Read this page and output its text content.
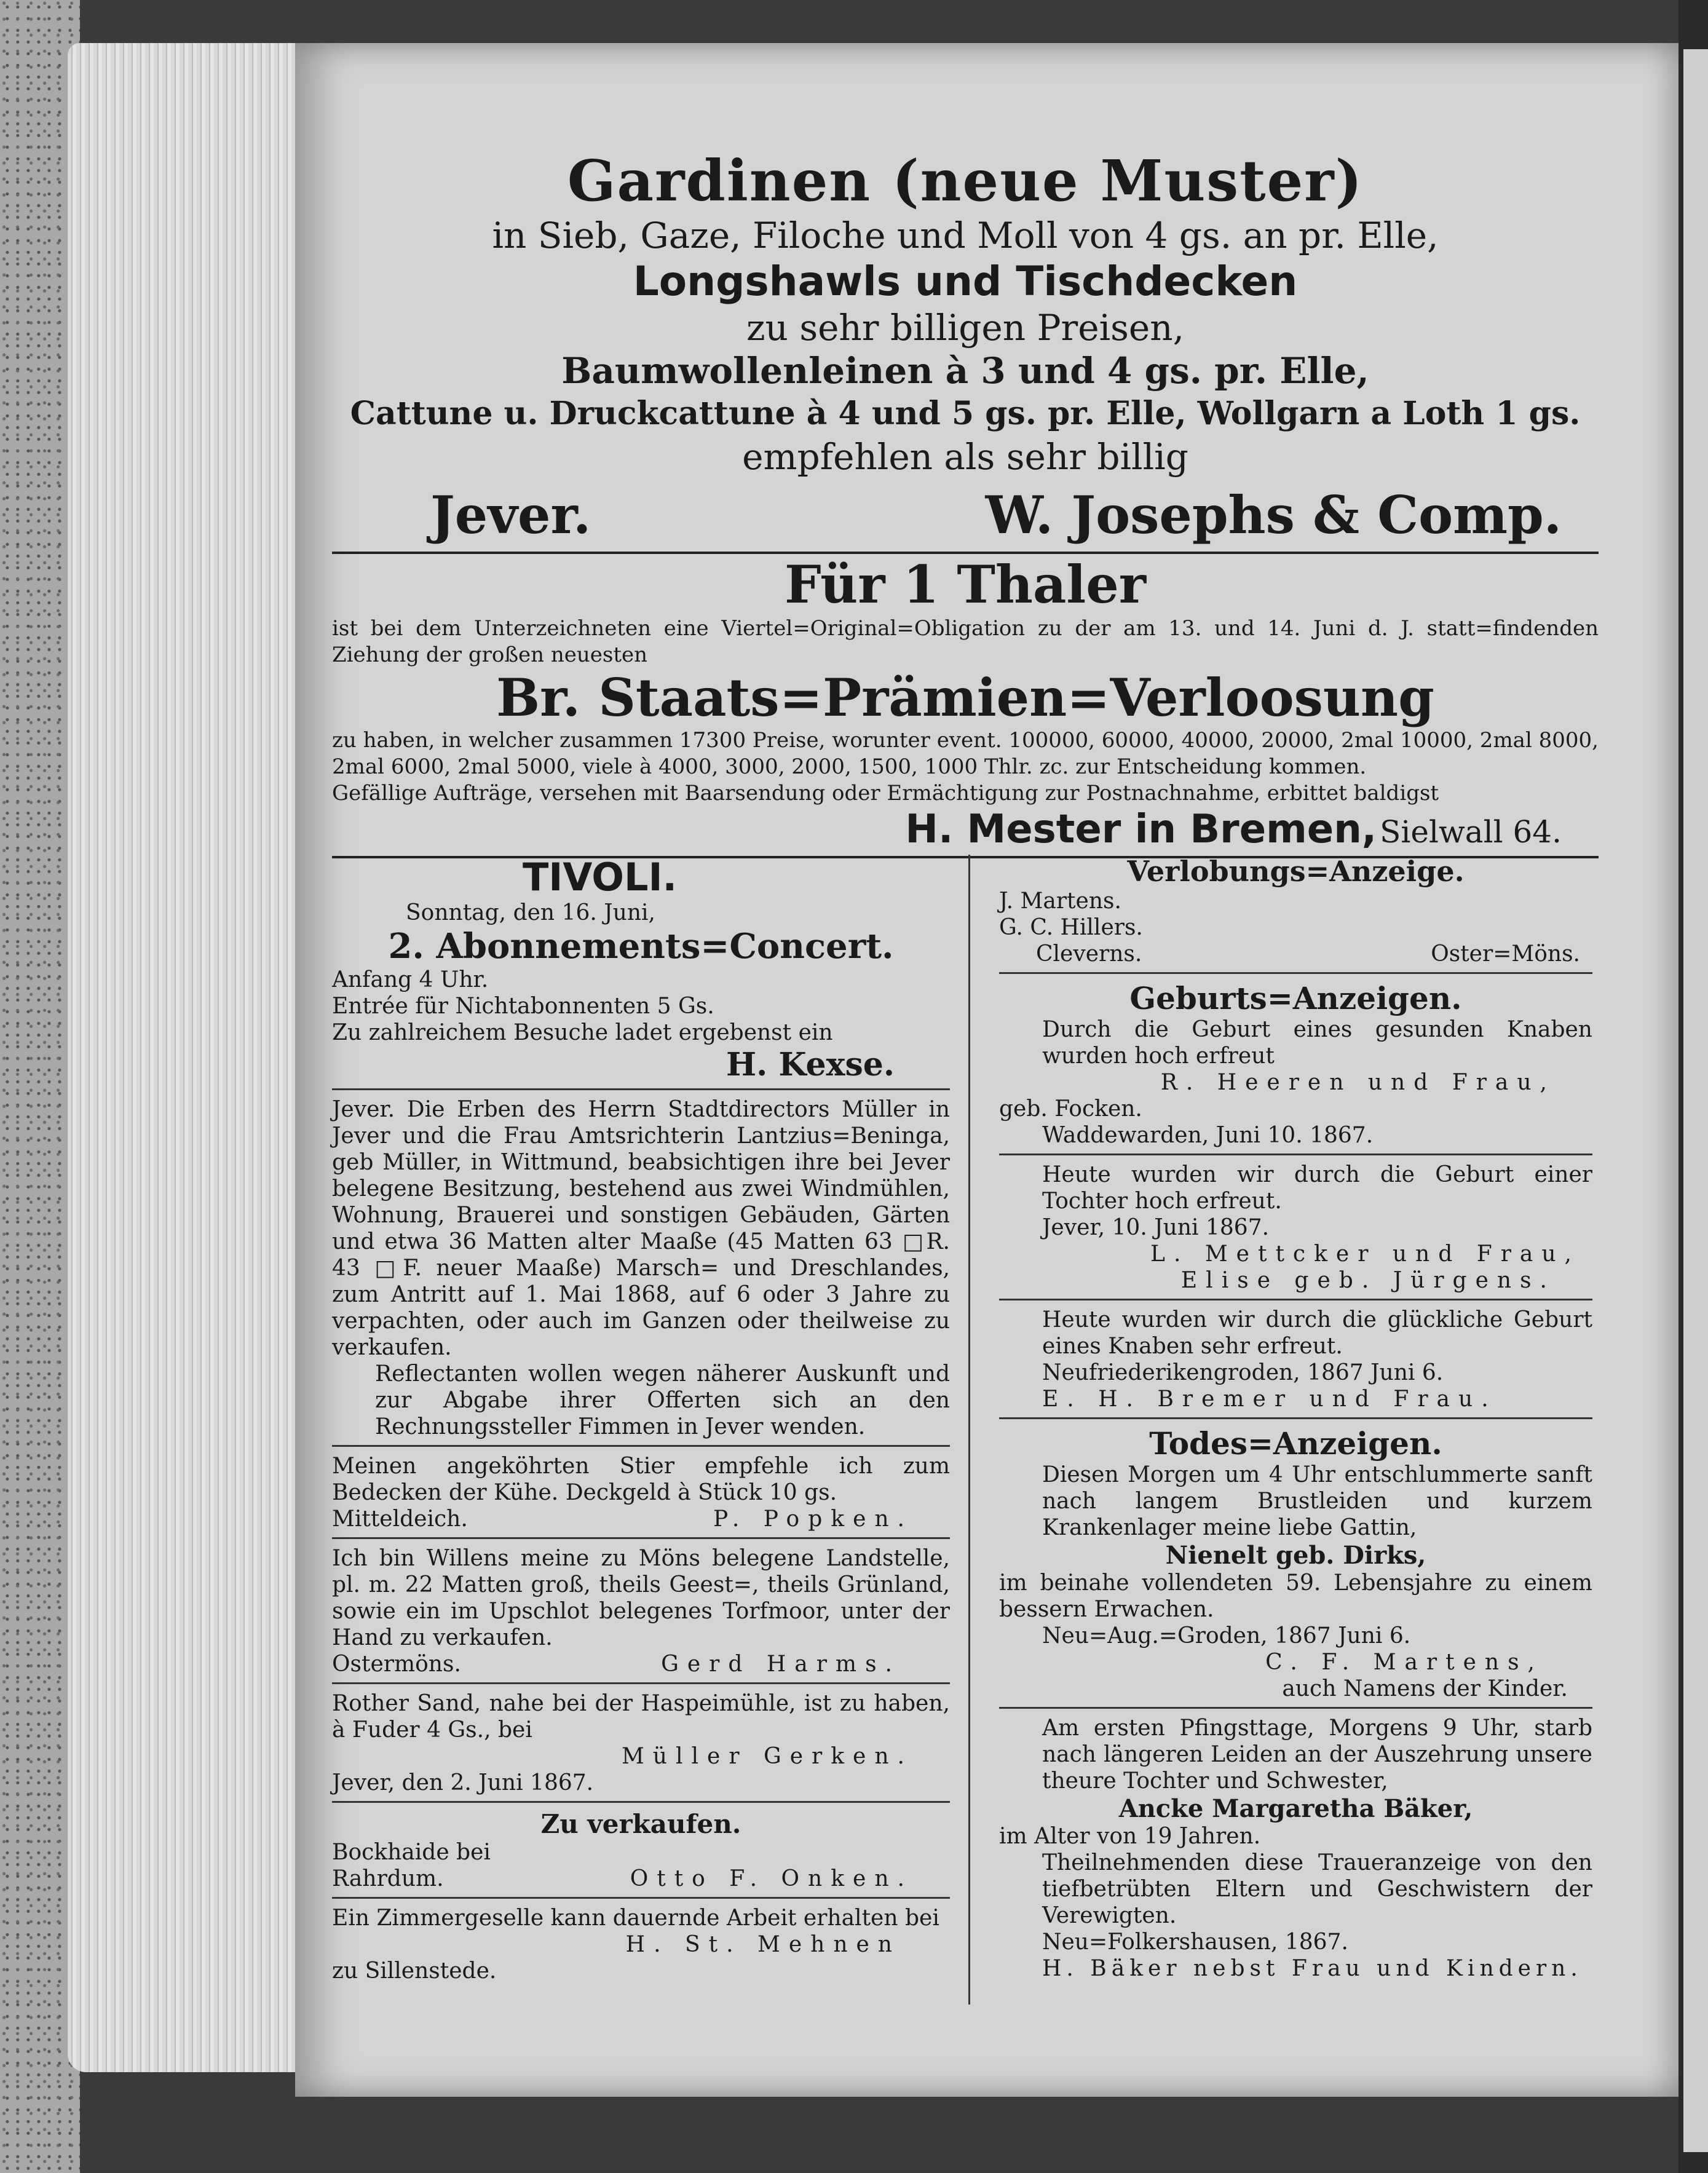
Gardinen (neue Muster)
in Sieb, Gaze, Filoche und Moll von 4 gs. an pr. Elle,
Longshawls und Tischdecken
zu sehr billigen Preisen,
Baumwollenleinen à 3 und 4 gs. pr. Elle,
Cattune u. Druckcattune à 4 und 5 gs. pr. Elle, Wollgarn a Loth 1 gs.
empfehlen als sehr billig
Jever.	W. Josephs & Comp.
Für 1 Thaler
ist bei dem Unterzeichneten eine Viertel=Original=Obligation zu der am 13. und 14. Juni d. J. statt=findenden Ziehung der großen neuesten
Br. Staats=Prämien=Verloosung
zu haben, in welcher zusammen 17300 Preise, worunter event. 100000, 60000, 40000, 20000, 2mal 10000, 2mal 8000, 2mal 6000, 2mal 5000, viele à 4000, 3000, 2000, 1500, 1000 Thlr. zc. zur Entscheidung kommen.
Gefällige Aufträge, versehen mit Baarsendung oder Ermächtigung zur Postnachnahme, erbittet baldigst
H. Mester in Bremen, Sielwall 64.
TIVOLI.
Sonntag, den 16. Juni,
2. Abonnements=Concert.
Anfang 4 Uhr.
Entrée für Nichtabonnenten 5 Gs.
Zu zahlreichem Besuche ladet ergebenst ein
H. Kexse.
Jever. Die Erben des Herrn Stadtdirectors Müller in Jever und die Frau Amtsrichterin Lantzius=Beninga, geb Müller, in Wittmund, beabsichtigen ihre bei Jever belegene Besitzung, bestehend aus zwei Windmühlen, Wohnung, Brauerei und sonstigen Gebäuden, Gärten und etwa 36 Matten alter Maaße (45 Matten 63 □R. 43 □F. neuer Maaße) Marsch= und Dreschlandes, zum Antritt auf 1. Mai 1868, auf 6 oder 3 Jahre zu verpachten, oder auch im Ganzen oder theilweise zu verkaufen.
Reflectanten wollen wegen näherer Auskunft und zur Abgabe ihrer Offerten sich an den Rechnungssteller Fimmen in Jever wenden.
Meinen angeköhrten Stier empfehle ich zum Bedecken der Kühe. Deckgeld à Stück 10 gs.
Mitteldeich.	P. Popken.
Ich bin Willens meine zu Möns belegene Landstelle, pl. m. 22 Matten groß, theils Geest=, theils Grünland, sowie ein im Upschlot belegenes Torfmoor, unter der Hand zu verkaufen.
Ostermöns.	Gerd Harms.
Rother Sand, nahe bei der Haspeimühle, ist zu haben, à Fuder 4 Gs., bei
Müller Gerken.
Jever, den 2. Juni 1867.
Zu verkaufen.
Bockhaide bei
Rahrdum.	Otto F. Onken.
Ein Zimmergeselle kann dauernde Arbeit erhalten bei
H. St. Mehnen
zu Sillenstede.
Verlobungs=Anzeige.
J. Martens.
G. C. Hillers.
Cleverns.	Oster=Möns.
Geburts=Anzeigen.
Durch die Geburt eines gesunden Knaben wurden hoch erfreut
R. Heeren und Frau,
geb. Focken.
Waddewarden, Juni 10. 1867.
Heute wurden wir durch die Geburt einer Tochter hoch erfreut.
Jever, 10. Juni 1867.
L. Mettcker und Frau,
Elise geb. Jürgens.
Heute wurden wir durch die glückliche Geburt eines Knaben sehr erfreut.
Neufriederikengroden, 1867 Juni 6.
E. H. Bremer und Frau.
Todes=Anzeigen.
Diesen Morgen um 4 Uhr entschlummerte sanft nach langem Brustleiden und kurzem Krankenlager meine liebe Gattin,
Nienelt geb. Dirks,
im beinahe vollendeten 59. Lebensjahre zu einem bessern Erwachen.
Neu=Aug.=Groden, 1867 Juni 6.
C. F. Martens,
auch Namens der Kinder.
Am ersten Pfingsttage, Morgens 9 Uhr, starb nach längeren Leiden an der Auszehrung unsere theure Tochter und Schwester,
Ancke Margaretha Bäker,
im Alter von 19 Jahren.
Theilnehmenden diese Traueranzeige von den tiefbetrübten Eltern und Geschwistern der Verewigten.
Neu=Folkershausen, 1867.
H. Bäker nebst Frau und Kindern.
